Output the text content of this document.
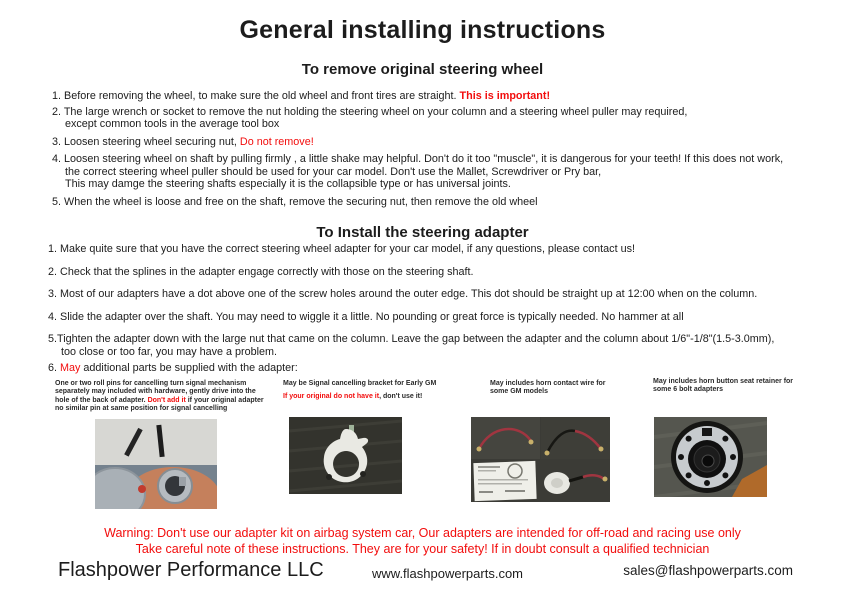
General installing instructions
To remove original steering wheel
1. Before removing the wheel, to make sure the old wheel and front tires are straight. This is important!
2. The large wrench or socket to remove the nut holding the steering wheel on your column and a steering wheel puller may required,
except common tools in the average tool box
3. Loosen steering wheel securing nut, Do not remove!
4. Loosen steering wheel on shaft by pulling firmly , a little shake may helpful. Don't do it too "muscle", it is dangerous for your teeth! If this does not work,
the correct steering wheel puller should be used for your car model. Don't use the Mallet, Screwdriver or Pry bar,
This may damge the steering shafts especially it is the collapsible type or has universal joints.
5. When the wheel is loose and free on the shaft, remove the securing nut, then remove the old wheel
To Install the steering adapter
1. Make quite sure that you have the correct steering wheel adapter for your car model, if any questions, please contact us!
2. Check that the splines in the adapter engage correctly with those on the steering shaft.
3. Most of our adapters have a dot above one of the screw holes around the outer edge. This dot should be straight up at 12:00 when on the column.
4. Slide the adapter over the shaft. You may need to wiggle it a little. No pounding or great force is typically needed. No hammer at all
5.Tighten the adapter down with the large nut that came on the column. Leave the gap between the adapter and the column about 1/6"-1/8"(1.5-3.0mm),
too close or too far, you may have a problem.
6. May additional parts be supplied with the adapter:
One or two roll pins for cancelling turn signal mechanism separately may included with hardware, gently drive into the hole of the back of adapter. Don't add it if your original adapter no similar pin at same position for signal cancelling
May be Signal cancelling bracket for Early GM
If your original do not have it, don't use it!
May includes horn contact wire for some GM models
May includes horn button seat retainer for some 6 bolt adapters
Warning: Don't use our adapter kit on airbag system car, Our adapters are intended for off-road and racing use only
Take careful note of these instructions. They are for your safety! If in doubt consult a qualified technician
Flashpower Performance LLC	www.flashpowerparts.com	sales@flashpowerparts.com
